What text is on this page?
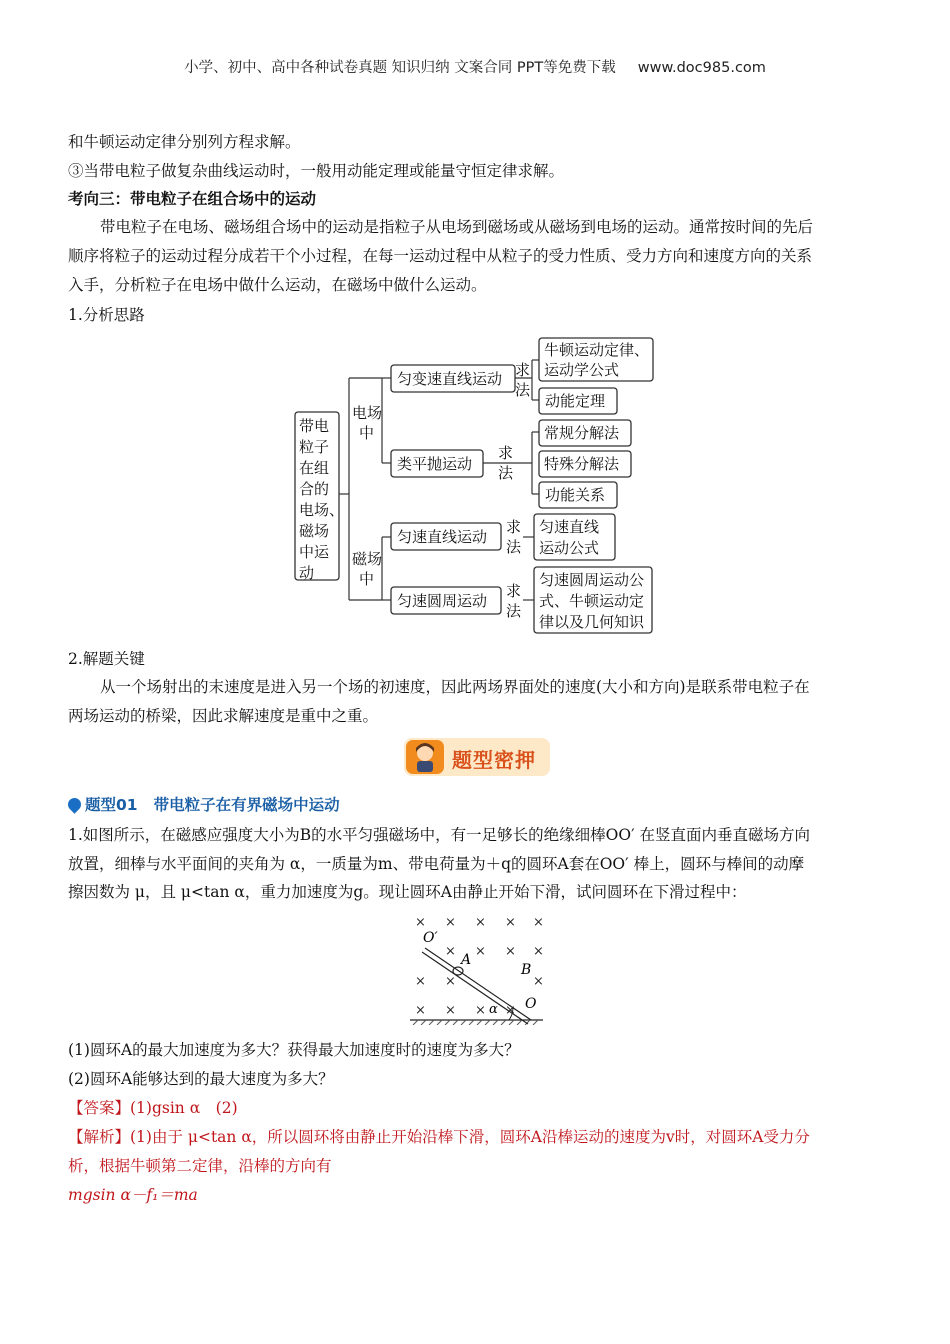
小学、初中、高中各种试卷真题 知识归纳 文案合同 PPT等免费下载 www.doc985.com
和牛顿运动定律分别列方程求解。
③当带电粒子做复杂曲线运动时，一般用动能定理或能量守恒定律求解。
考向三：带电粒子在组合场中的运动
带电粒子在电场、磁场组合场中的运动是指粒子从电场到磁场或从磁场到电场的运动。通常按时间的先后
顺序将粒子的运动过程分成若干个小过程，在每一运动过程中从粒子的受力性质、受力方向和速度方向的关系
入手，分析粒子在电场中做什么运动，在磁场中做什么运动。
1.分析思路
带电
粒子
在组
合的
电场、
磁场
中运
动
电场
中
磁场
中
匀变速直线运动
类平抛运动
匀速直线运动
匀速圆周运动
求
法
求
法
求
法
求
法
牛顿运动定律、
运动学公式
动能定理
常规分解法
特殊分解法
功能关系
匀速直线
运动公式
匀速圆周运动公
式、牛顿运动定
律以及几何知识
2.解题关键
从一个场射出的末速度是进入另一个场的初速度，因此两场界面处的速度(大小和方向)是联系带电粒子在
两场运动的桥梁，因此求解速度是重中之重。
题型密押
题型01 带电粒子在有界磁场中运动
1.如图所示，在磁感应强度大小为B的水平匀强磁场中，有一足够长的绝缘细棒OO′ 在竖直面内垂直磁场方向
放置，细棒与水平面间的夹角为 α，一质量为m、带电荷量为＋q的圆环A套在OO′ 棒上，圆环与棒间的动摩
擦因数为 μ，且 μ<tan α，重力加速度为g。现让圆环A由静止开始下滑，试问圆环在下滑过程中：
× × × × ×
× × × ×
× ×	×
× × × ×
O′
A
B
O
α
(1)圆环A的最大加速度为多大？获得最大加速度时的速度为多大？
(2)圆环A能够达到的最大速度为多大？
【答案】(1)gsin α　(2)
【解析】(1)由于 μ<tan α，所以圆环将由静止开始沿棒下滑，圆环A沿棒运动的速度为v时，对圆环A受力分
析，根据牛顿第二定律，沿棒的方向有
mgsin α－f₁＝ma
